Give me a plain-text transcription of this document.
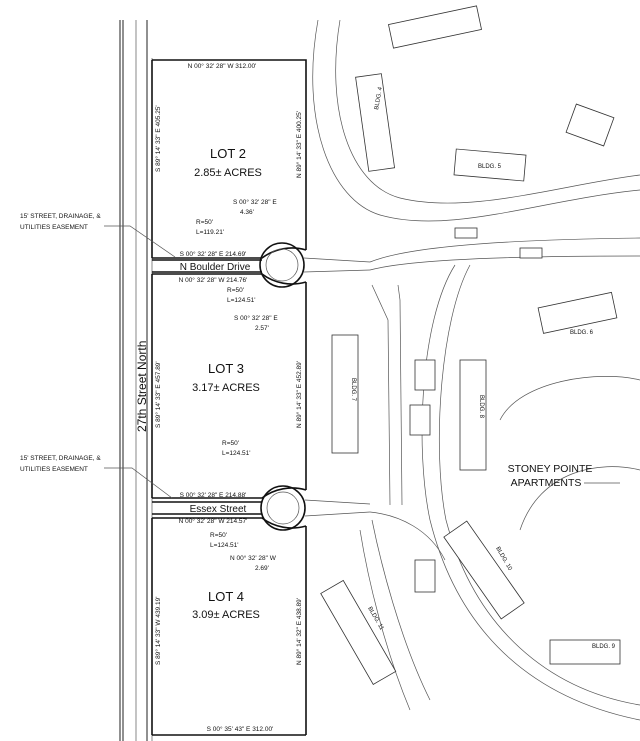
27th Street North
LOT 2
2.85± ACRES
LOT 3
3.17± ACRES
LOT 4
3.09± ACRES
N Boulder Drive
Essex Street
N 00° 32' 28" W 312.00'
S 89° 14' 33" E 405.25'	N 89° 14' 33" E 400.25'
S 00° 32' 28" E
4.36'
R=50'
L=119.21'
S 00° 32' 28" E 214.69'
N 00° 32' 28" W 214.76'
R=50'
L=124.51'
S 00° 32' 28" E
2.57'
S 89° 14' 33" E 457.89'	N 89° 14' 33" E 452.89'
R=50'
L=124.51'
S 00° 32' 28" E 214.88'
N 00° 32' 28" W 214.57'
R=50'
L=124.51'
N 00° 32' 28" W
2.69'
S 89° 14' 33" W 439.19'	N 89° 14' 32" E 438.89'
S 00° 35' 43" E 312.00'
15' STREET, DRAINAGE, &
UTILITIES EASEMENT
15' STREET, DRAINAGE, &
UTILITIES EASEMENT
BLDG. 4
BLDG. 5
BLDG. 6
BLDG. 7
BLDG. 8
BLDG. 9
BLDG. 10
BLDG. 11
STONEY POINTE
APARTMENTS
